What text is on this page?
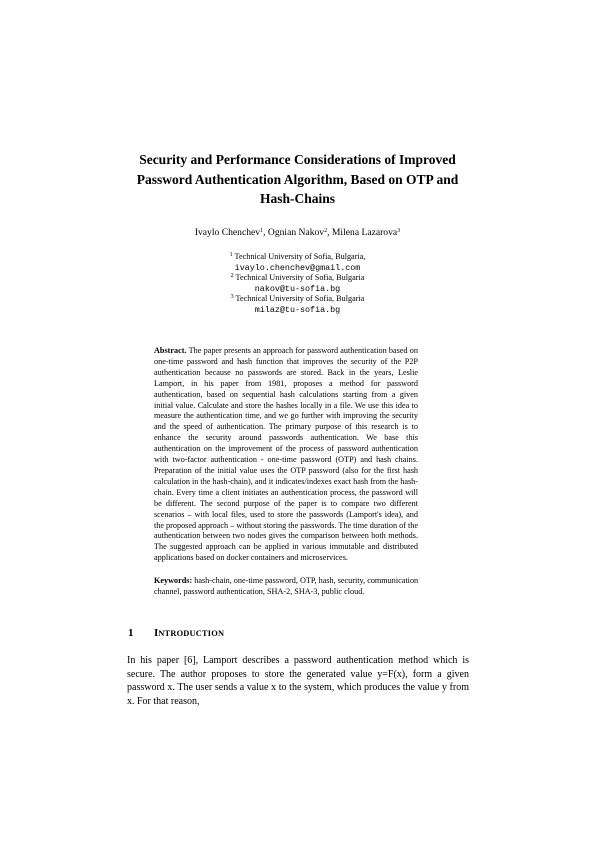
Security and Performance Considerations of Improved
Password Authentication Algorithm, Based on OTP and
Hash-Chains
Ivaylo Chenchev$^1$, Ognian Nakov$^2$, Milena Lazarova$^3$
$^1$ Technical University of Sofia, Bulgaria,
ivaylo.chenchev@gmail.com
$^2$ Technical University of Sofia, Bulgaria
nakov@tu-sofia.bg
$^3$ Technical University of Sofia, Bulgaria
milaz@tu-sofia.bg

Abstract. The paper presents an approach for password authentication based on one-time password and hash function that improves the security of the P2P authentication because no passwords are stored. Back in the years, Leslie Lamport, in his paper from 1981, proposes a method for password authentication, based on sequential hash calculations starting from a given initial value. Calculate and store the hashes locally in a file. We use this idea to measure the authentication time, and we go further with improving the security and the speed of authentication. The primary purpose of this research is to enhance the security around passwords authentication. We base this authentication on the improvement of the process of password authentication with two-factor authentication - one-time password (OTP) and hash chains. Preparation of the initial value uses the OTP password (also for the first hash calculation in the hash-chain), and it indicates/indexes exact hash from the hash-chain. Every time a client initiates an authentication process, the password will be different. The second purpose of the paper is to compare two different scenarios – with local files, used to store the passwords (Lamport's idea), and the proposed approach – without storing the passwords. The time duration of the authentication between two nodes gives the comparison between both methods. The suggested approach can be applied in various immutable and distributed applications based on docker containers and microservices.

Keywords: hash-chain, one-time password, OTP, hash, security, communication channel, password authentication, SHA-2, SHA-3, public cloud.

1 INTRODUCTION

In his paper [6], Lamport describes a password authentication method which is secure. The author proposes to store the generated value y=F(x), form a given password x. The user sends a value x to the system, which produces the value y from x. For that reason,
